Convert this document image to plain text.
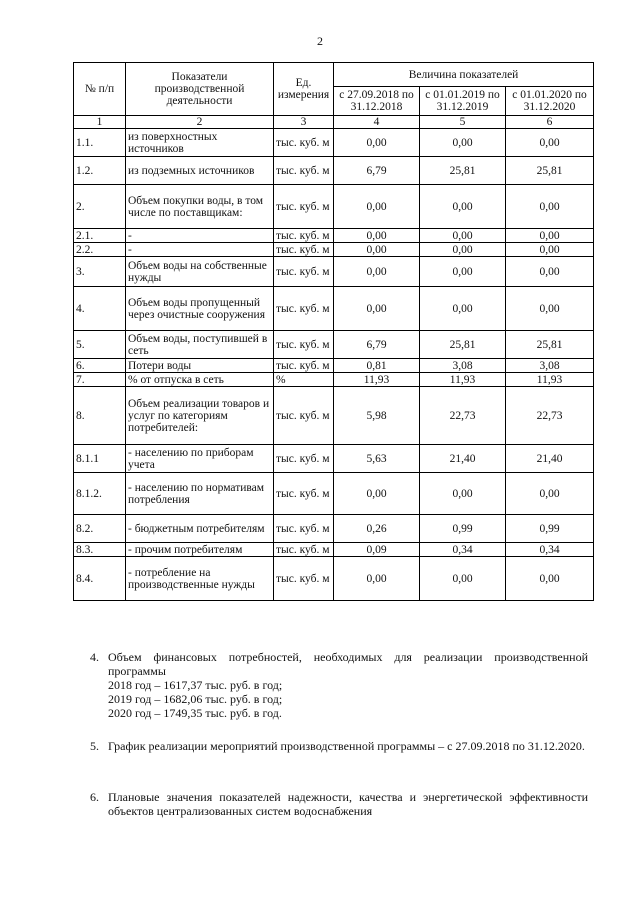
2
№ п/п	Показатели производственной деятельности	Ед. измерения	Величина показателей		
			с 27.09.2018 по 31.12.2018	с 01.01.2019 по 31.12.2019	с 01.01.2020 по 31.12.2020
1	2	3	4	5	6
1.1.	из поверхностных источников	тыс. куб. м	0,00	0,00	0,00
1.2.	из подземных источников	тыс. куб. м	6,79	25,81	25,81
2.	Объем покупки воды, в том числе по поставщикам:	тыс. куб. м	0,00	0,00	0,00
2.1.	-	тыс. куб. м	0,00	0,00	0,00
2.2.	-	тыс. куб. м	0,00	0,00	0,00
3.	Объем воды на собственные нужды	тыс. куб. м	0,00	0,00	0,00
4.	Объем воды пропущенный через очистные сооружения	тыс. куб. м	0,00	0,00	0,00
5.	Объем воды, поступившей в сеть	тыс. куб. м	6,79	25,81	25,81
6.	Потери воды	тыс. куб. м	0,81	3,08	3,08
7.	% от отпуска в сеть	%	11,93	11,93	11,93
8.	Объем реализации товаров и услуг по категориям потребителей:	тыс. куб. м	5,98	22,73	22,73
8.1.1	- населению по приборам учета	тыс. куб. м	5,63	21,40	21,40
8.1.2.	- населению по нормативам потребления	тыс. куб. м	0,00	0,00	0,00
8.2.	- бюджетным потребителям	тыс. куб. м	0,26	0,99	0,99
8.3.	- прочим потребителям	тыс. куб. м	0,09	0,34	0,34
8.4.	- потребление на производственные нужды	тыс. куб. м	0,00	0,00	0,00
4. Объем финансовых потребностей, необходимых для реализации производственной программы
2018 год – 1617,37 тыс. руб. в год;
2019 год – 1682,06 тыс. руб. в год;
2020 год – 1749,35 тыс. руб. в год.
5. График реализации мероприятий производственной программы – с 27.09.2018 по 31.12.2020.
6. Плановые значения показателей надежности, качества и энергетической эффективности объектов централизованных систем водоснабжения
